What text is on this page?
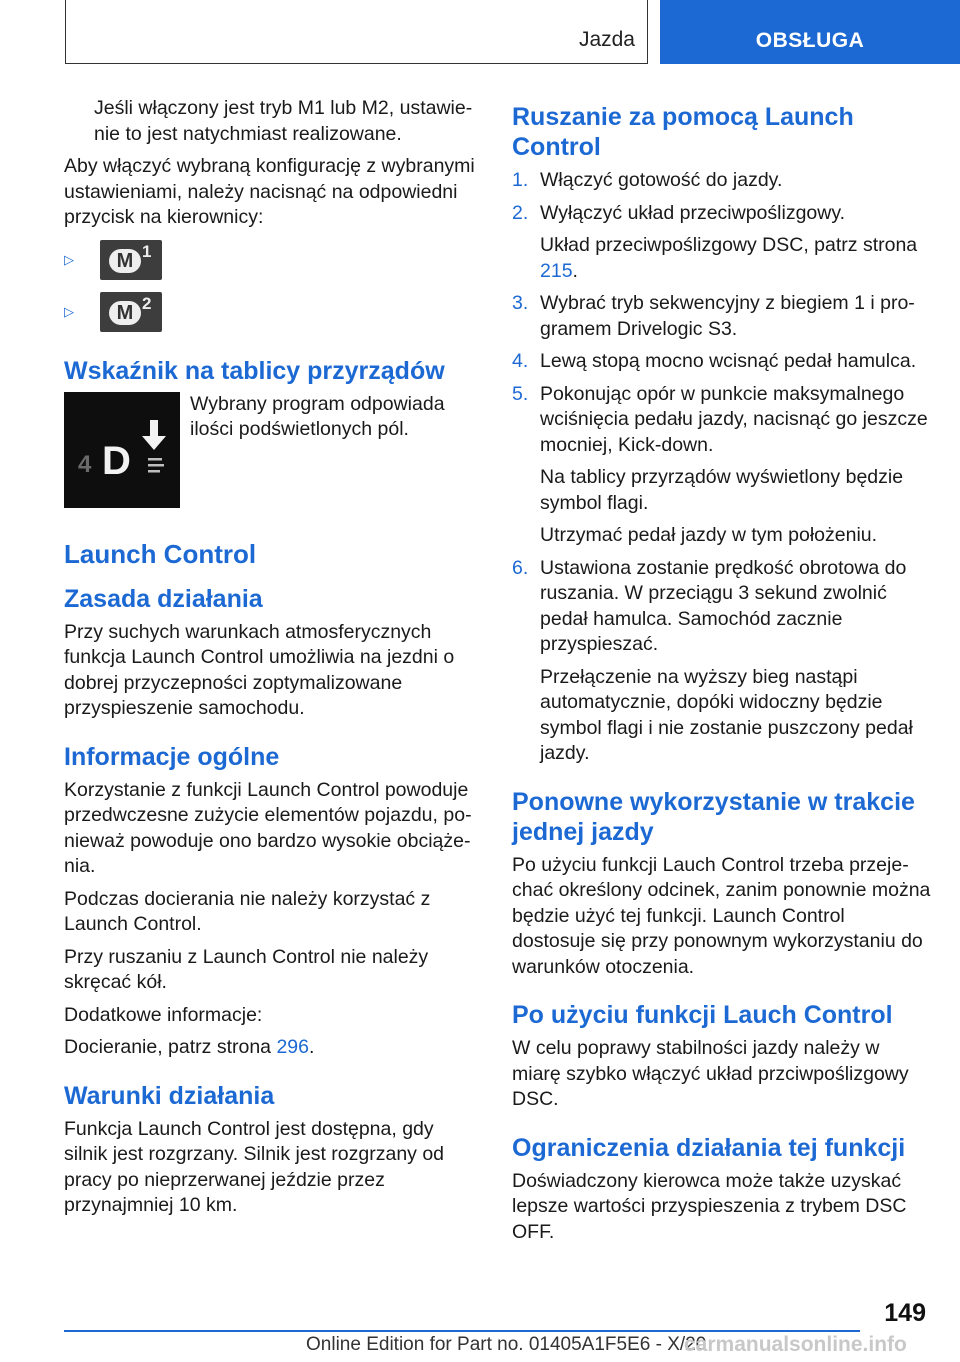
Jazda	OBSŁUGA

Jeśli włączony jest tryb M1 lub M2, ustawienie to jest natychmiast realizowane.

Aby włączyć wybraną konfigurację z wybranymi ustawieniami, należy nacisnąć na odpowiedni przycisk na kierownicy:

▷	M 1
▷	M 2
Wskaźnik na tablicy przyrządów
4 D

Wybrany program odpowiada ilości podświetlonych pól.

Launch Control
Zasada działania

Przy suchych warunkach atmosferycznych funkcja Launch Control umożliwia na jezdni o dobrej przyczepności zoptymalizowane przyspieszenie samochodu.

Informacje ogólne

Korzystanie z funkcji Launch Control powoduje przedwczesne zużycie elementów pojazdu, ponieważ powoduje ono bardzo wysokie obciążenia.

Podczas docierania nie należy korzystać z Launch Control.

Przy ruszaniu z Launch Control nie należy skręcać kół.

Dodatkowe informacje:

Docieranie, patrz strona 296.

Warunki działania

Funkcja Launch Control jest dostępna, gdy silnik jest rozgrzany. Silnik jest rozgrzany od pracy po nieprzerwanej jeździe przez przynajmniej 10 km.

Ruszanie za pomocą Launch Control
1. Włączyć gotowość do jazdy.

2. Wyłączyć układ przeciwpoślizgowy.

Układ przeciwpoślizgowy DSC, patrz strona 215.

3. Wybrać tryb sekwencyjny z biegiem 1 i programem Drivelogic S3.

4. Lewą stopą mocno wcisnąć pedał hamulca.

5. Pokonując opór w punkcie maksymalnego wciśnięcia pedału jazdy, nacisnąć go jeszcze mocniej, Kick-down.

Na tablicy przyrządów wyświetlony będzie symbol flagi.

Utrzymać pedał jazdy w tym położeniu.

6. Ustawiona zostanie prędkość obrotowa do ruszania. W przeciągu 3 sekund zwolnić pedał hamulca. Samochód zacznie przyspieszać.

Przełączenie na wyższy bieg nastąpi automatycznie, dopóki widoczny będzie symbol flagi i nie zostanie puszczony pedał jazdy.

Ponowne wykorzystanie w trakcie jednej jazdy

Po użyciu funkcji Lauch Control trzeba przejechać określony odcinek, zanim ponownie można będzie użyć tej funkcji. Launch Control dostosuje się przy ponownym wykorzystaniu do warunków otoczenia.

Po użyciu funkcji Lauch Control

W celu poprawy stabilności jazdy należy w miarę szybko włączyć układ przciwpoślizgowy DSC.

Ograniczenia działania tej funkcji

Doświadczony kierowca może także uzyskać lepsze wartości przyspieszenia z trybem DSC OFF.

149
Online Edition for Part no. 01405A1F5E6 - X/20
carmanualsonline.info
